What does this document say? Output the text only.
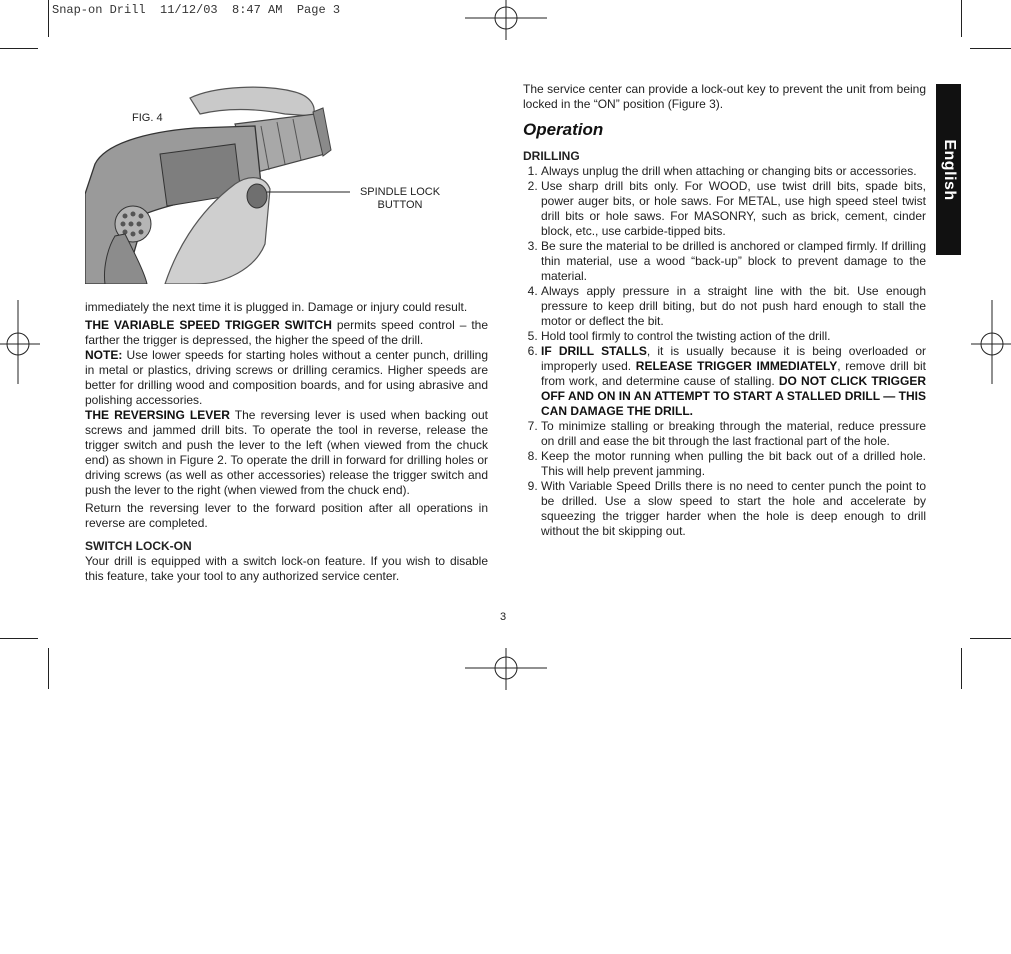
Snap-on Drill  11/12/03  8:47 AM  Page 3
FIG. 4
SPINDLE LOCK
BUTTON

immediately the next time it is plugged in. Damage or injury could result.

THE VARIABLE SPEED TRIGGER SWITCH permits speed control – the farther the trigger is depressed, the higher the speed of the drill.

NOTE: Use lower speeds for starting holes without a center punch, drilling in metal or plastics, driving screws or drilling ceramics. Higher speeds are better for drilling wood and composition boards, and for using abrasive and polishing accessories.

THE REVERSING LEVER The reversing lever is used when backing out screws and jammed drill bits. To operate the tool in reverse, release the trigger switch and push the lever to the left (when viewed from the chuck end) as shown in Figure 2. To operate the drill in forward for drilling holes or driving screws (as well as other accessories) release the trigger switch and push the lever to the right (when viewed from the chuck end).

Return the reversing lever to the forward position after all operations in reverse are completed.

SWITCH LOCK-ON

Your drill is equipped with a switch lock-on feature. If you wish to disable this feature, take your tool to any authorized service center.

The service center can provide a lock-out key to prevent the unit from being locked in the “ON” position (Figure 3).

Operation
DRILLING
1. Always unplug the drill when attaching or changing bits or accessories.
2. Use sharp drill bits only. For WOOD, use twist drill bits, spade bits, power auger bits, or hole saws. For METAL, use high speed steel twist drill bits or hole saws. For MASONRY, such as brick, cement, cinder block, etc., use carbide-tipped bits.
3. Be sure the material to be drilled is anchored or clamped firmly. If drilling thin material, use a wood “back-up” block to prevent damage to the material.
4. Always apply pressure in a straight line with the bit. Use enough pressure to keep drill biting, but do not push hard enough to stall the motor or deflect the bit.
5. Hold tool firmly to control the twisting action of the drill.
6. IF DRILL STALLS, it is usually because it is being overloaded or improperly used. RELEASE TRIGGER IMMEDIATELY, remove drill bit from work, and determine cause of stalling. DO NOT CLICK TRIGGER OFF AND ON IN AN ATTEMPT TO START A STALLED DRILL — THIS CAN DAMAGE THE DRILL.
7. To minimize stalling or breaking through the material, reduce pressure on drill and ease the bit through the last fractional part of the hole.
8. Keep the motor running when pulling the bit back out of a drilled hole. This will help prevent jamming.
9. With Variable Speed Drills there is no need to center punch the point to be drilled. Use a slow speed to start the hole and accelerate by squeezing the trigger harder when the hole is deep enough to drill without the bit skipping out.
English
3
